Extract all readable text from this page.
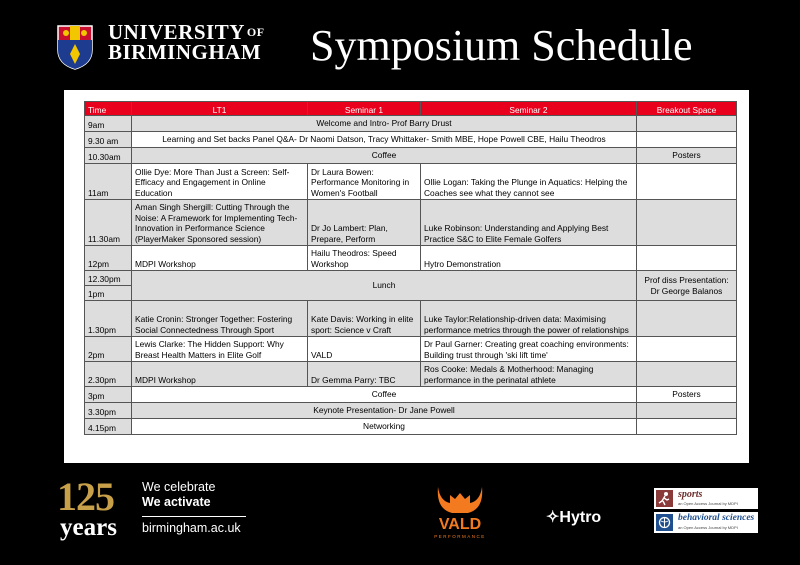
UNIVERSITY $^{OF}$
BIRMINGHAM Symposium Schedule
Time	LT1	Seminar 1	Seminar 2	Breakout Space
9am	Welcome and Intro- Prof Barry Drust			
9.30 am	Learning and Set backs Panel Q&A- Dr Naomi Datson, Tracy Whittaker- Smith MBE, Hope Powell CBE, Hailu Theodros			
10.30am	Coffee			Posters
11am	Ollie Dye: More Than Just a Screen: Self-Efficacy and Engagement in Online Education	Dr Laura Bowen: Performance Monitoring in Women's Football	Ollie Logan: Taking the Plunge in Aquatics: Helping the Coaches see what they cannot see	
11.30am	Aman Singh Shergill: Cutting Through the Noise: A Framework for Implementing Tech-Innovation in Performance Science (PlayerMaker Sponsored session)	Dr Jo Lambert: Plan, Prepare, Perform	Luke Robinson: Understanding and Applying Best Practice S&C to Elite Female Golfers	
12pm	MDPI Workshop	Hailu Theodros: Speed Workshop	Hytro Demonstration	
12.30pm	Lunch			Prof diss Presentation: Dr George Balanos
1pm				
1.30pm	Katie Cronin: Stronger Together: Fostering Social Connectedness Through Sport	Kate Davis: Working in elite sport: Science v Craft	Luke Taylor:Relationship-driven data: Maximising performance metrics through the power of relationships	
2pm	Lewis Clarke: The Hidden Support: Why Breast Health Matters in Elite Golf	VALD	Dr Paul Garner: Creating great coaching environments: Building trust through 'ski lift time'	
2.30pm	MDPI Workshop	Dr Gemma Parry: TBC	Ros Cooke: Medals & Motherhood: Managing performance in the perinatal athlete	
3pm	Coffee			Posters
3.30pm	Keynote Presentation- Dr Jane Powell			
4.15pm	Networking			
125
years
We celebrate
We activate
birmingham.ac.uk	VALD
PERFORMANCE
✧Hytro
sports
an Open Access Journal by MDPI
behavioral sciences
an Open Access Journal by MDPI
